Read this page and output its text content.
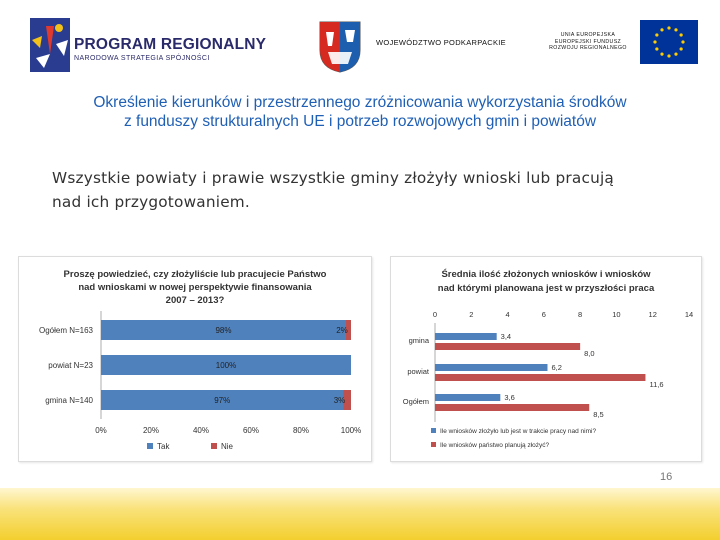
PROGRAM REGIONALNY
NARODOWA STRATEGIA SPÓJNOŚCI
WOJEWÓDZTWO PODKARPACKIE
UNIA EUROPEJSKA
EUROPEJSKI FUNDUSZ
ROZWOJU REGIONALNEGO
Określenie kierunków i przestrzennego zróżnicowania wykorzystania środków
z funduszy strukturalnych UE i potrzeb rozwojowych gmin i powiatów
Wszystkie powiaty i prawie wszystkie gminy złożyły wnioski lub pracują
nad ich przygotowaniem.
Proszę powiedzieć, czy złożyliście lub pracujecie Państwo
nad wnioskami w nowej perspektywie finansowania
2007 – 2013?
Ogółem N=163	98%	2%
powiat N=23	100%
gmina N=140	97%	3%
0%	20%	40%	60%	80%	100%
Tak	Nie
Średnia ilość złożonych wniosków i wniosków
nad którymi planowana jest w przyszłości praca
0	2	4	6	8	10	12	14
gmina	3,4
8,0
powiat	6,2
11,6
Ogółem	3,6
8,5
Ile wniosków złożyło lub jest w trakcie pracy nad nimi?
Ile wniosków państwo planują złożyć?
16
